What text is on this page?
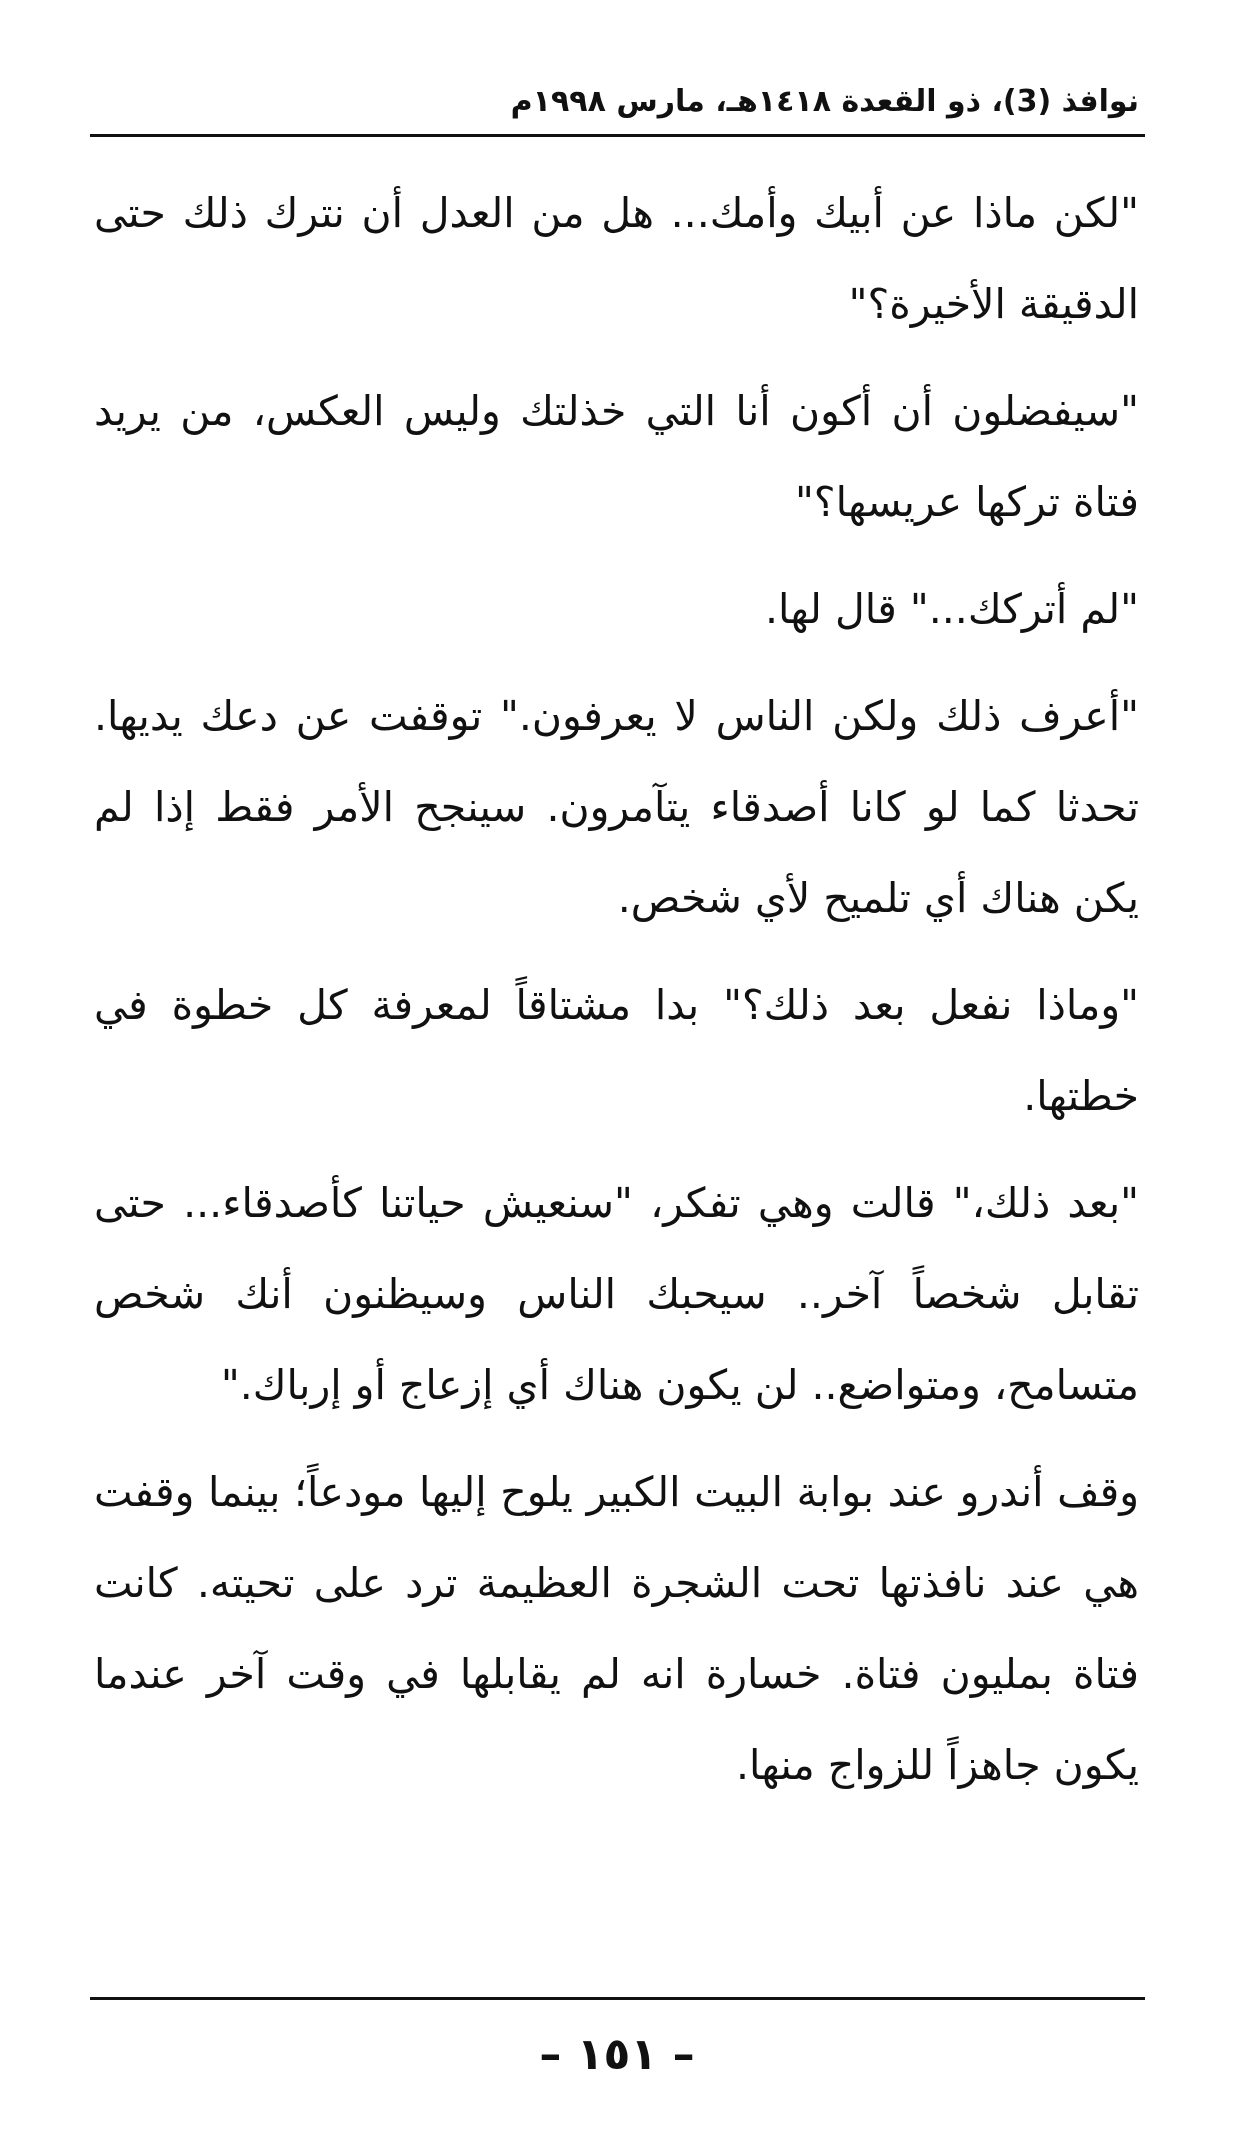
نوافذ (3)، ذو القعدة ١٤١٨هـ، مارس ١٩٩٨م

"لكن ماذا عن أبيك وأمك... هل من العدل أن نترك ذلك حتى الدقيقة الأخيرة؟"

"سيفضلون أن أكون أنا التي خذلتك وليس العكس، من يريد فتاة تركها عريسها؟"

"لم أتركك..." قال لها.

"أعرف ذلك ولكن الناس لا يعرفون." توقفت عن دعك يديها. تحدثا كما لو كانا أصدقاء يتآمرون. سينجح الأمر فقط إذا لم يكن هناك أي تلميح لأي شخص.

"وماذا نفعل بعد ذلك؟" بدا مشتاقاً لمعرفة كل خطوة في خطتها.

"بعد ذلك،" قالت وهي تفكر، "سنعيش حياتنا كأصدقاء... حتى تقابل شخصاً آخر.. سيحبك الناس وسيظنون أنك شخص متسامح، ومتواضع.. لن يكون هناك أي إزعاج أو إرباك."

وقف أندرو عند بوابة البيت الكبير يلوح إليها مودعاً؛ بينما وقفت هي عند نافذتها تحت الشجرة العظيمة ترد على تحيته. كانت فتاة بمليون فتاة. خسارة انه لم يقابلها في وقت آخر عندما يكون جاهزاً للزواج منها.

– ١٥١ –
